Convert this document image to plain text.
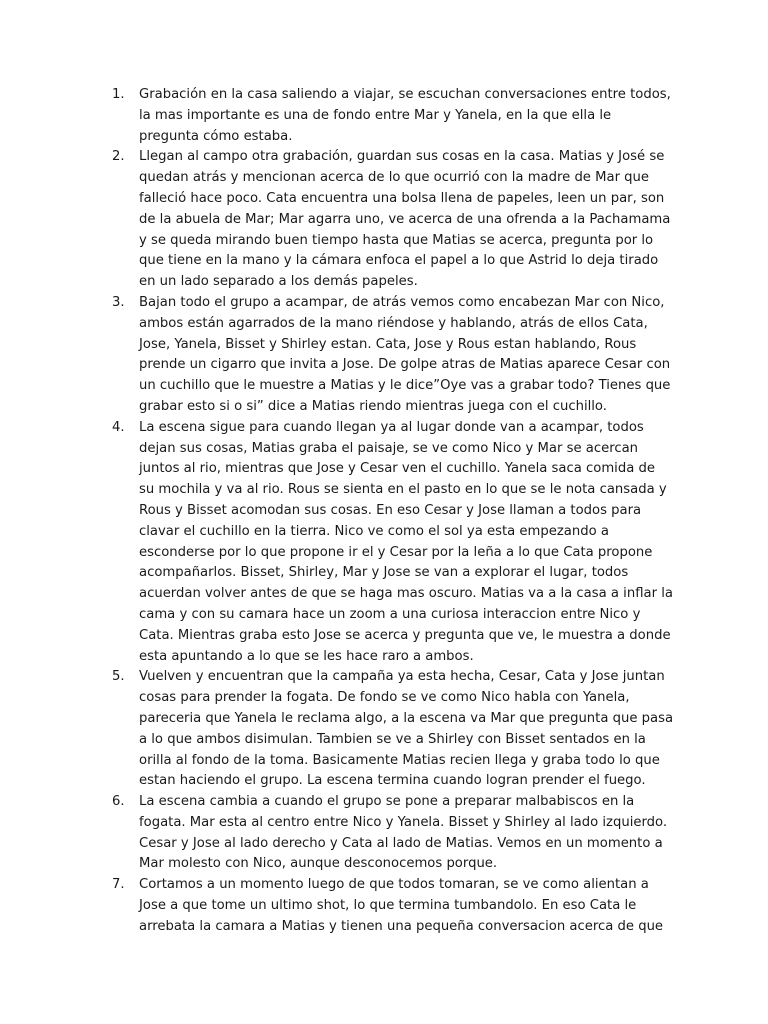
1. Grabación en la casa saliendo a viajar, se escuchan conversaciones entre todos, la mas importante es una de fondo entre Mar y Yanela, en la que ella le pregunta cómo estaba.
2. Llegan al campo otra grabación, guardan sus cosas en la casa. Matias y José se quedan atrás y mencionan acerca de lo que ocurrió con la madre de Mar que falleció hace poco. Cata encuentra una bolsa llena de papeles, leen un par, son de la abuela de Mar; Mar agarra uno, ve acerca de una ofrenda a la Pachamama y se queda mirando buen tiempo hasta que Matias se acerca, pregunta por lo que tiene en la mano y la cámara enfoca el papel a lo que Astrid lo deja tirado en un lado separado a los demás papeles.
3. Bajan todo el grupo a acampar, de atrás vemos como encabezan Mar con Nico, ambos están agarrados de la mano riéndose y hablando, atrás de ellos Cata, Jose, Yanela, Bisset y Shirley estan. Cata, Jose y Rous estan hablando, Rous prende un cigarro que invita a Jose. De golpe atras de Matias aparece Cesar con un cuchillo que le muestre a Matias y le dice”Oye vas a grabar todo? Tienes que grabar esto si o si” dice a Matias riendo mientras juega con el cuchillo.
4. La escena sigue para cuando llegan ya al lugar donde van a acampar, todos dejan sus cosas, Matias graba el paisaje, se ve como Nico y Mar se acercan juntos al rio, mientras que Jose y Cesar ven el cuchillo. Yanela saca comida de su mochila y va al rio. Rous se sienta en el pasto en lo que se le nota cansada y Rous y Bisset acomodan sus cosas. En eso Cesar y Jose llaman a todos para clavar el cuchillo en la tierra. Nico ve como el sol ya esta empezando a esconderse por lo que propone ir el y Cesar por la leña a lo que Cata propone acompañarlos. Bisset, Shirley, Mar y Jose se van a explorar el lugar, todos acuerdan volver antes de que se haga mas oscuro. Matias va a la casa a inflar la cama y con su camara hace un zoom a una curiosa interaccion entre Nico y Cata. Mientras graba esto Jose se acerca y pregunta que ve, le muestra a donde esta apuntando a lo que se les hace raro a ambos.
5. Vuelven y encuentran que la campaña ya esta hecha, Cesar, Cata y Jose juntan cosas para prender la fogata. De fondo se ve como Nico habla con Yanela, pareceria que Yanela le reclama algo, a la escena va Mar que pregunta que pasa a lo que ambos disimulan. Tambien se ve a Shirley con Bisset sentados en la orilla al fondo de la toma. Basicamente Matias recien llega y graba todo lo que estan haciendo el grupo. La escena termina cuando logran prender el fuego.
6. La escena cambia a cuando el grupo se pone a preparar malbabiscos en la fogata. Mar esta al centro entre Nico y Yanela. Bisset y Shirley al lado izquierdo. Cesar y Jose al lado derecho y Cata al lado de Matias. Vemos en un momento a Mar molesto con Nico, aunque desconocemos porque.
7. Cortamos a un momento luego de que todos tomaran, se ve como alientan a Jose a que tome un ultimo shot, lo que termina tumbandolo. En eso Cata le arrebata la camara a Matias y tienen una pequeña conversacion acerca de que
